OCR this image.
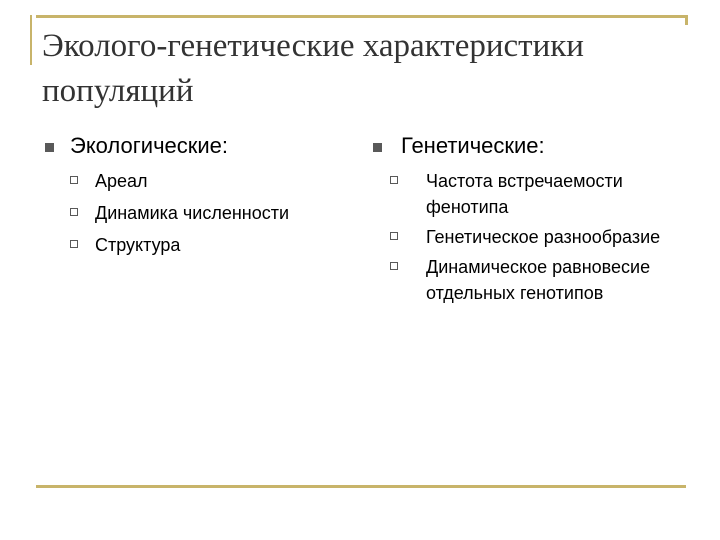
Эколого-генетические характеристики популяций
Экологические:
Ареал
Динамика численности
Структура
Генетические:
Частота встречаемости фенотипа
Генетическое разнообразие
Динамическое равновесие отдельных генотипов
